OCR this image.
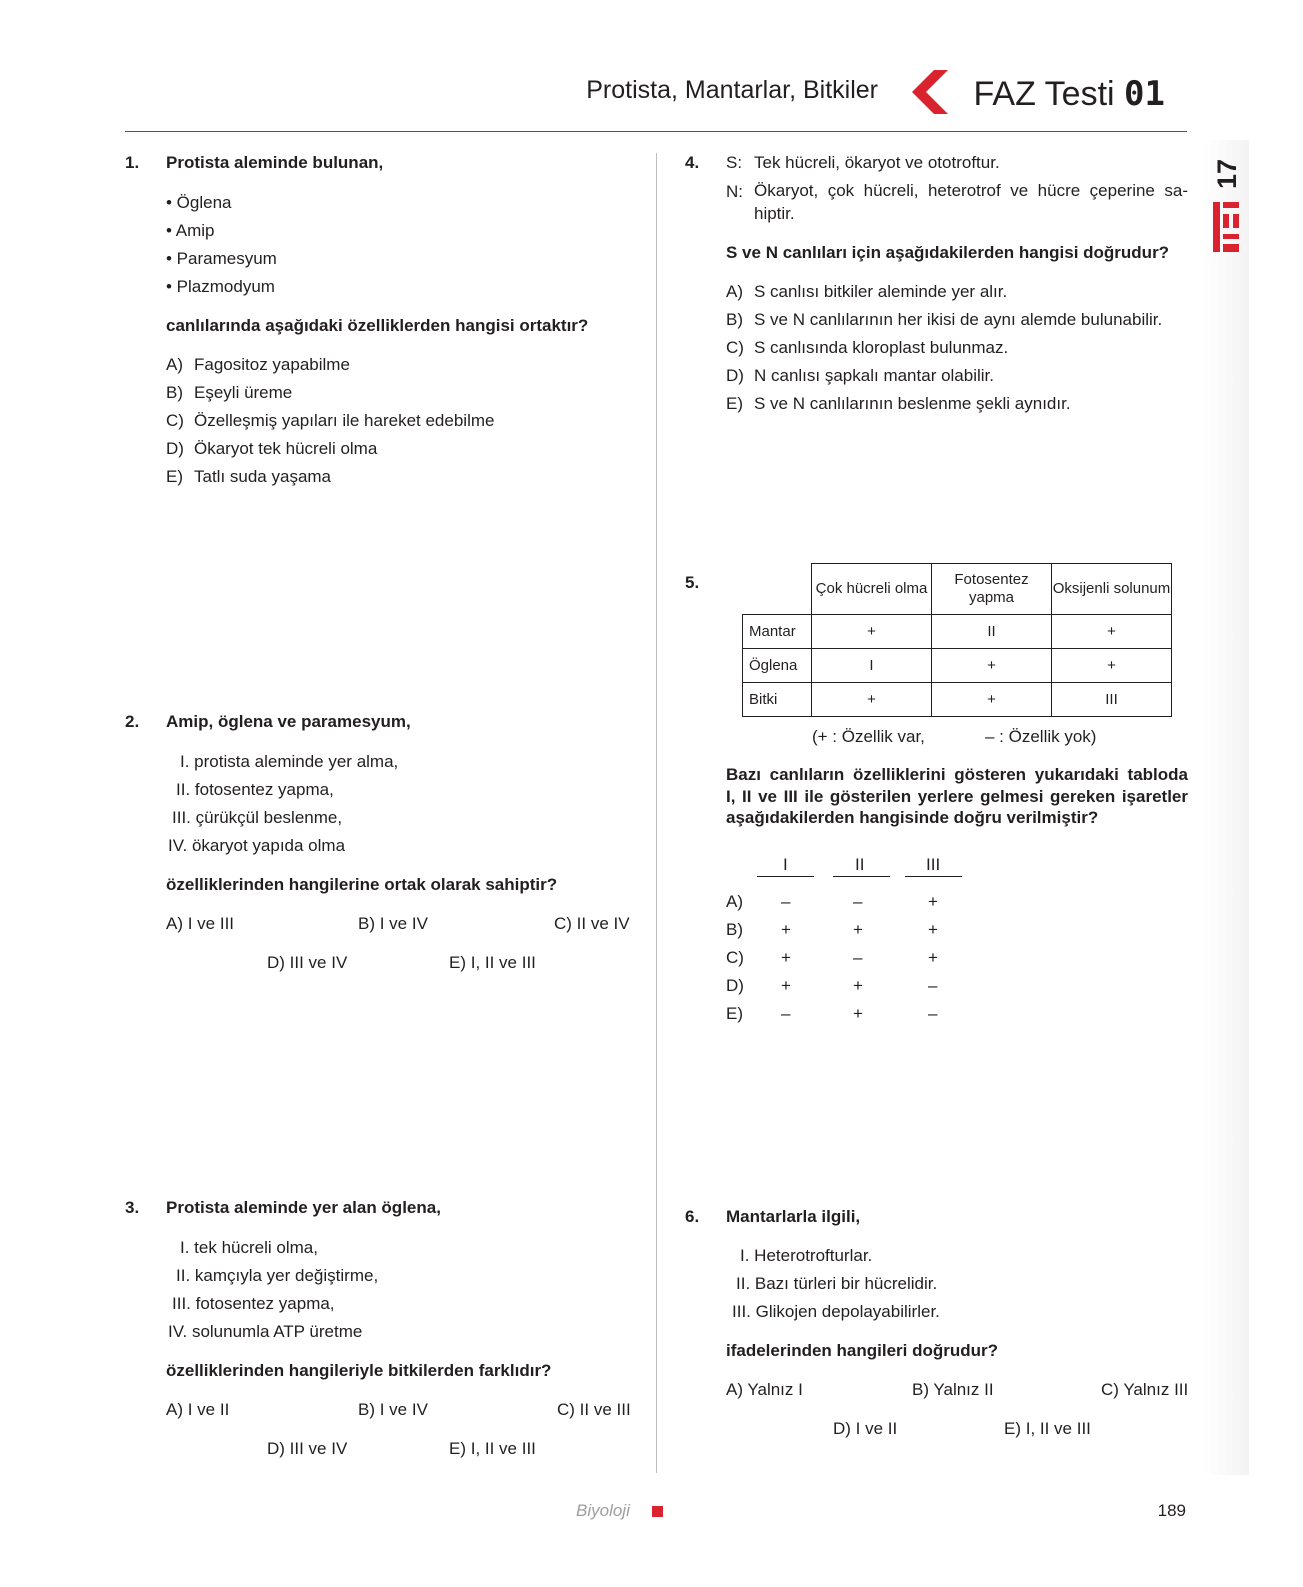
Protista, Mantarlar, Bitkiler	FAZ Testi 01
17
1. Protista aleminde bulunan,
• Öglena
• Amip
• Paramesyum
• Plazmodyum
canlılarında aşağıdaki özelliklerden hangisi ortaktır?
A) Fagositoz yapabilme
B) Eşeyli üreme
C) Özelleşmiş yapıları ile hareket edebilme
D) Ökaryot tek hücreli olma
E) Tatlı suda yaşama
2. Amip, öglena ve paramesyum,
I. protista aleminde yer alma,
II. fotosentez yapma,
III. çürükçül beslenme,
IV. ökaryot yapıda olma
özelliklerinden hangilerine ortak olarak sahiptir?
A) I ve III	B) I ve IV	C) II ve IV
D) III ve IV	E) I, II ve III
3. Protista aleminde yer alan öglena,
I. tek hücreli olma,
II. kamçıyla yer değiştirme,
III. fotosentez yapma,
IV. solunumla ATP üretme
özelliklerinden hangileriyle bitkilerden farklıdır?
A) I ve II	B) I ve IV	C) II ve III
D) III ve IV	E) I, II ve III
4. S: Tek hücreli, ökaryot ve ototroftur.
N: Ökaryot, çok hücreli, heterotrof ve hücre çeperine sa-
hiptir.
S ve N canlıları için aşağıdakilerden hangisi doğrudur?
A) S canlısı bitkiler aleminde yer alır.
B) S ve N canlılarının her ikisi de aynı alemde bulunabilir.
C) S canlısında kloroplast bulunmaz.
D) N canlısı şapkalı mantar olabilir.
E) S ve N canlılarının beslenme şekli aynıdır.
5.
		Çok hücreli olma	Fotosentez yapma	Oksijenli solunum
Mantar	+	II	+
Öglena	I	+	+
Bitki	+	+	III
(+ : Özellik var,	– : Özellik yok)
Bazı canlıların özelliklerini gösteren yukarıdaki tabloda
I, II ve III ile gösterilen yerlere gelmesi gereken işaretler
aşağıdakilerden hangisinde doğru verilmiştir?
I	II	III
A) –	–	+
B) +	+	+
C) +	–	+
D) +	+	–
E) –	+	–
6. Mantarlarla ilgili,
I. Heterotrofturlar.
II. Bazı türleri bir hücrelidir.
III. Glikojen depolayabilirler.
ifadelerinden hangileri doğrudur?
A) Yalnız I	B) Yalnız II	C) Yalnız III
D) I ve II	E) I, II ve III
Biyoloji	189
